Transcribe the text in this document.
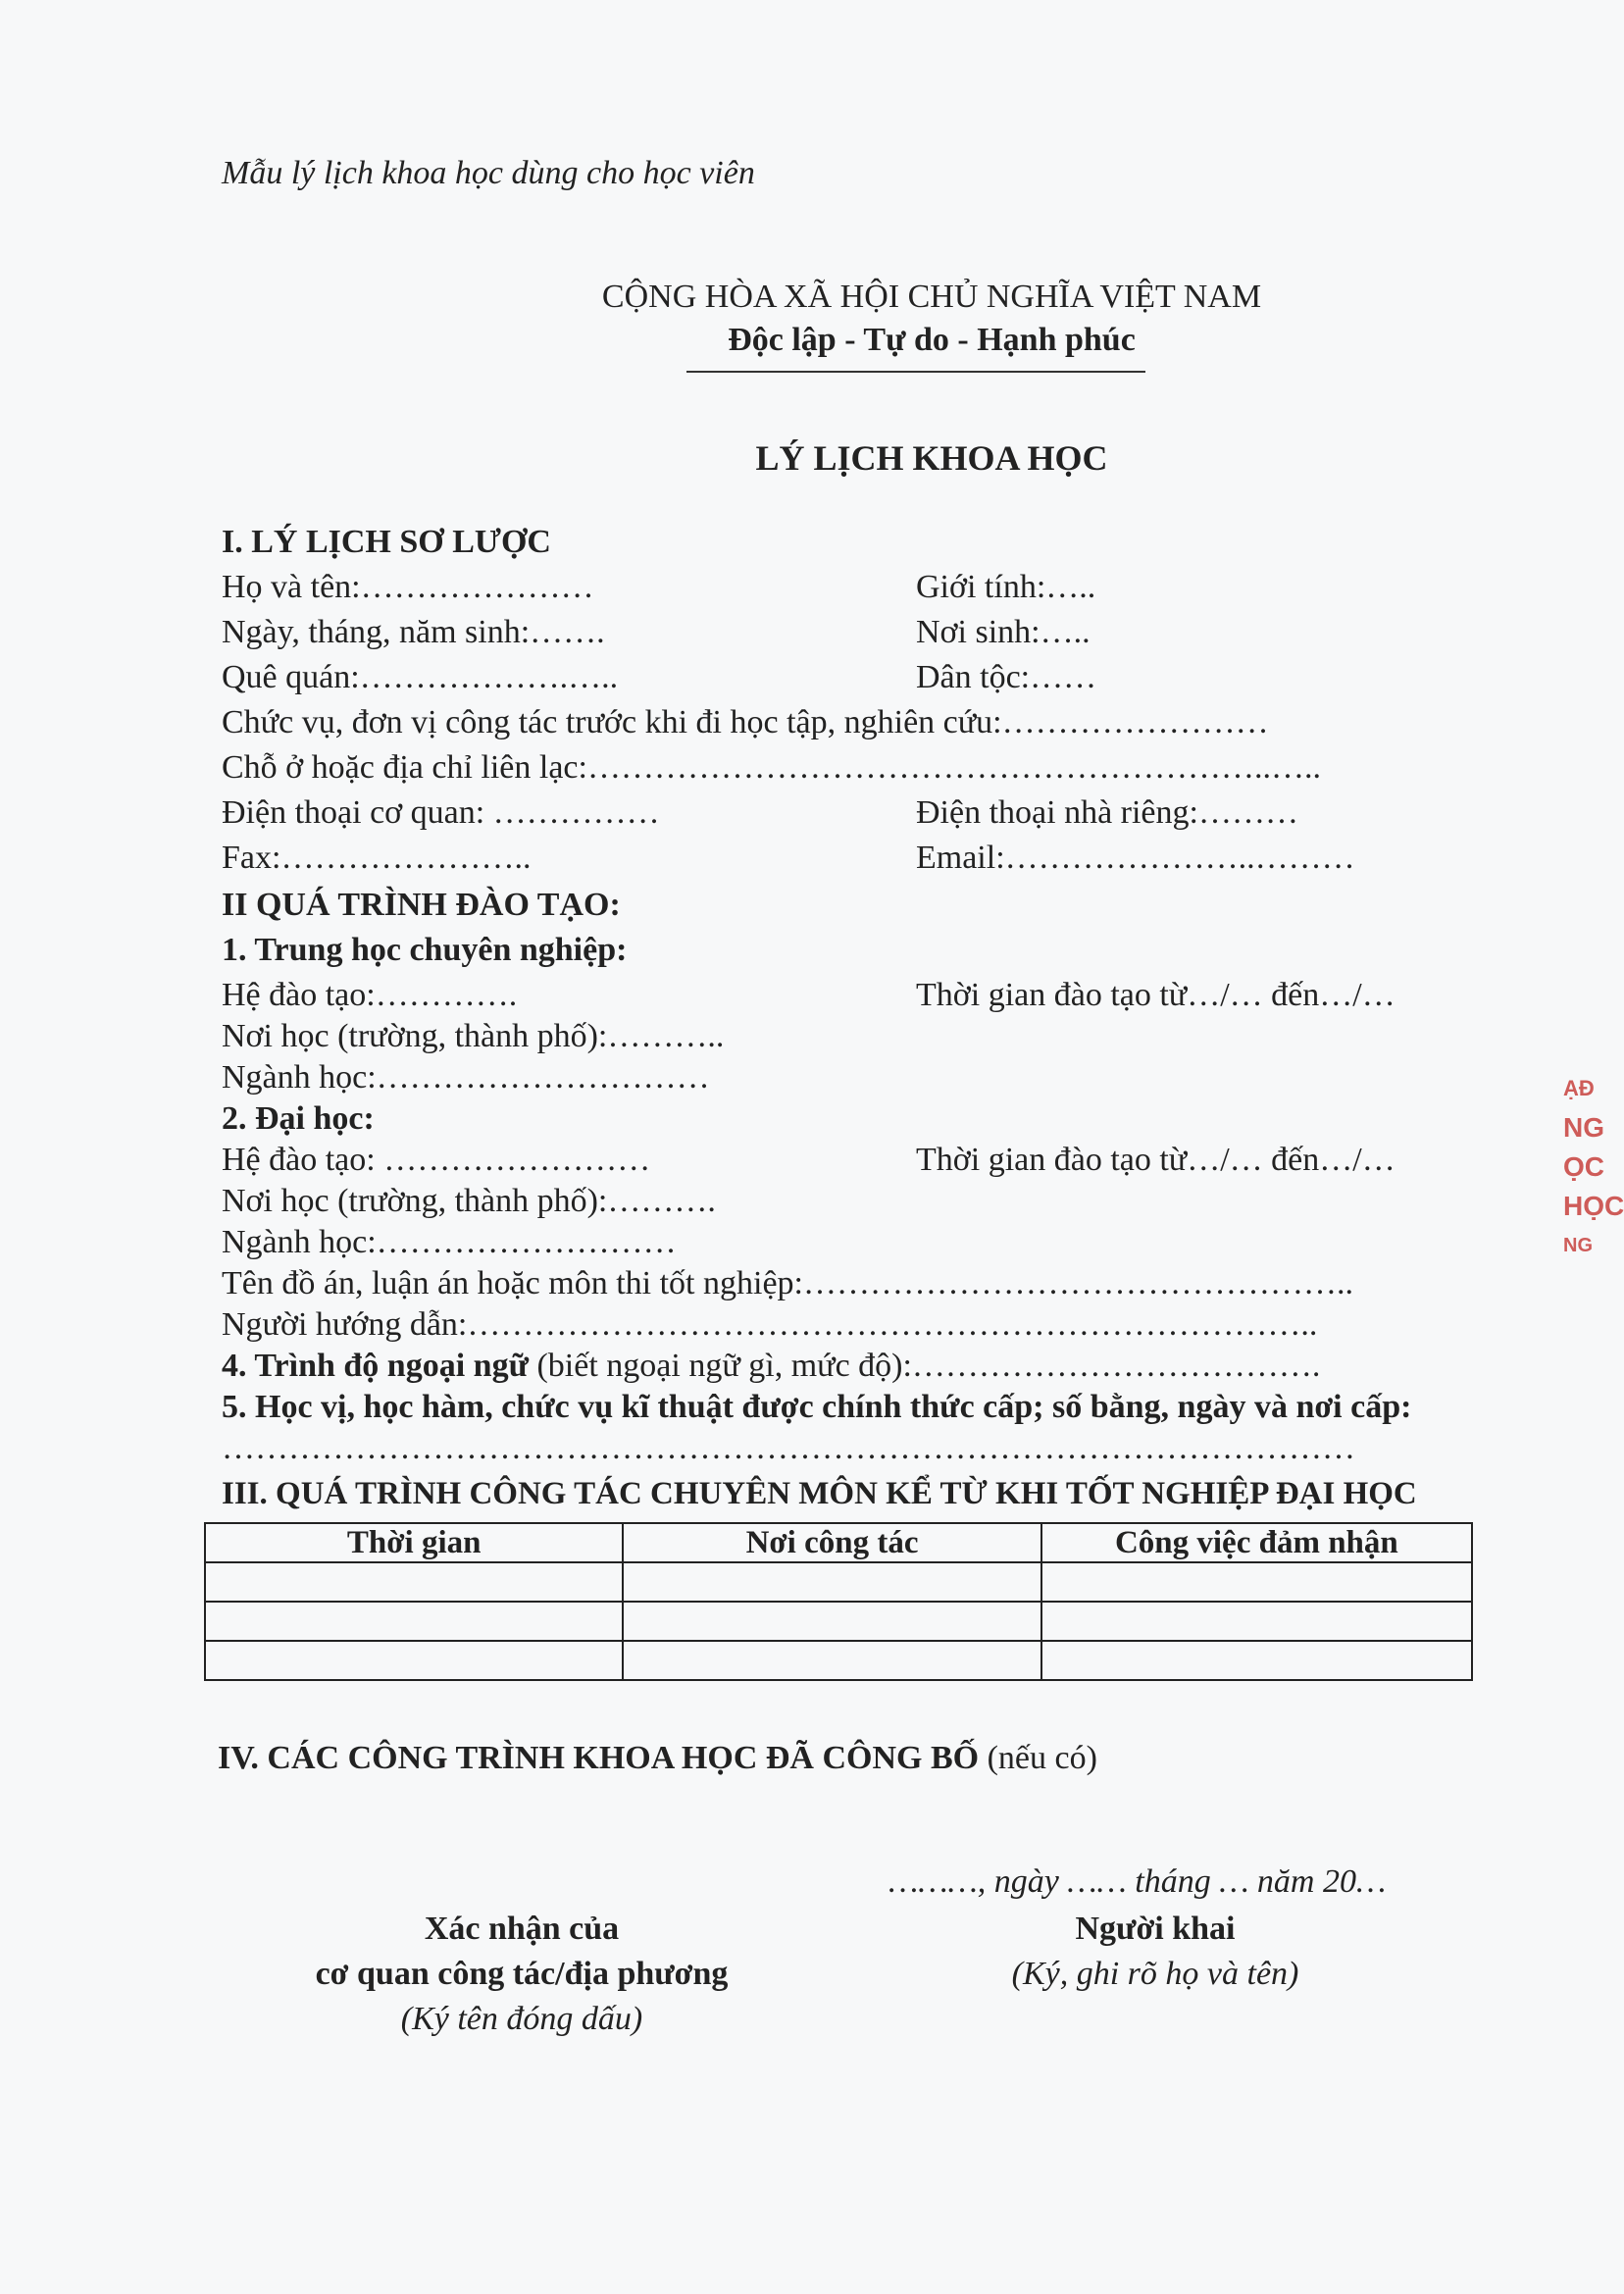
Mẫu lý lịch khoa học dùng cho học viên
CỘNG HÒA XÃ HỘI CHỦ NGHĨA VIỆT NAM
Độc lập - Tự do - Hạnh phúc
LÝ LỊCH KHOA HỌC
I. LÝ LỊCH SƠ LƯỢC
Họ và tên:…………………	Giới tính:…..
Ngày, tháng, năm sinh:…….	Nơi sinh:…..
Quê quán:……………….…..	Dân tộc:……
Chức vụ, đơn vị công tác trước khi đi học tập, nghiên cứu:……………………
Chỗ ở hoặc địa chỉ liên lạc:……………………………………………………..…..
Điện thoại cơ quan: ……………	Điện thoại nhà riêng:………
Fax:…………………..	Email:…………………..………
II QUÁ TRÌNH ĐÀO TẠO:
1. Trung học chuyên nghiệp:
Hệ đào tạo:………….	Thời gian đào tạo từ…/… đến…/…
Nơi học (trường, thành phố):………..
Ngành học:…………………………
2. Đại học:
Hệ đào tạo: ……………………	Thời gian đào tạo từ…/… đến…/…
Nơi học (trường, thành phố):……….
Ngành học:………………………
Tên đồ án, luận án hoặc môn thi tốt nghiệp:…………………………………………..
Người hướng dẫn:…………………………………………………………………..
4. Trình độ ngoại ngữ (biết ngoại ngữ gì, mức độ):……………………………….
5. Học vị, học hàm, chức vụ kĩ thuật được chính thức cấp; số bằng, ngày và nơi cấp:
…………………………………………………………………………………………
III. QUÁ TRÌNH CÔNG TÁC CHUYÊN MÔN KỂ TỪ KHI TỐT NGHIỆP ĐẠI HỌC
Thời gian	Nơi công tác	Công việc đảm nhận

IV. CÁC CÔNG TRÌNH KHOA HỌC ĐÃ CÔNG BỐ (nếu có)
………, ngày …… tháng … năm 20…
Xác nhận của
cơ quan công tác/địa phương
(Ký tên đóng dấu)
Người khai
(Ký, ghi rõ họ và tên)
ẠĐ
NG
ỌC
HỌC
NG
